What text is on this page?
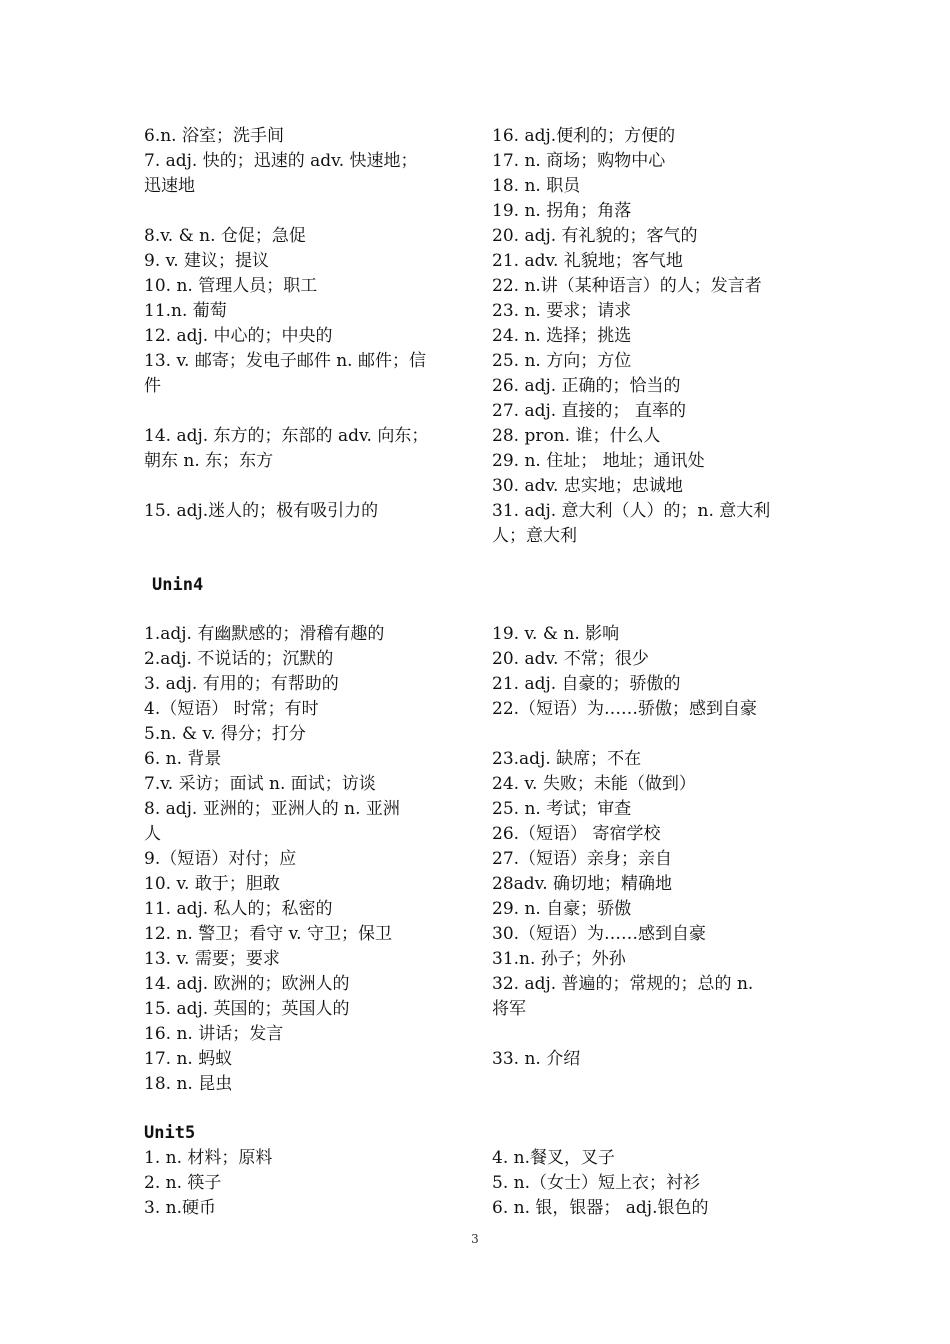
6.n. 浴室；洗手间
7. adj. 快的；迅速的 adv. 快速地；
迅速地
8.v. & n. 仓促；急促
9. v. 建议；提议
10. n. 管理人员；职工
11.n. 葡萄
12. adj. 中心的；中央的
13. v. 邮寄；发电子邮件 n. 邮件；信
件
14. adj. 东方的；东部的 adv. 向东；
朝东 n. 东；东方
15. adj.迷人的；极有吸引力的
16. adj.便利的；方便的
17. n. 商场；购物中心
18. n. 职员
19. n. 拐角；角落
20. adj. 有礼貌的；客气的
21. adv. 礼貌地；客气地
22. n.讲（某种语言）的人；发言者
23. n. 要求；请求
24. n. 选择；挑选
25. n. 方向；方位
26. adj. 正确的；恰当的
27. adj. 直接的； 直率的
28. pron. 谁；什么人
29. n. 住址； 地址；通讯处
30. adv. 忠实地；忠诚地
31. adj. 意大利（人）的；n. 意大利
人；意大利
Unin4
1.adj. 有幽默感的；滑稽有趣的
2.adj. 不说话的；沉默的
3. adj. 有用的；有帮助的
4.（短语） 时常；有时
5.n. & v. 得分；打分
6. n. 背景
7.v. 采访；面试 n. 面试；访谈
8. adj. 亚洲的；亚洲人的 n. 亚洲
人
9.（短语）对付；应
10. v. 敢于；胆敢
11. adj. 私人的；私密的
12. n. 警卫；看守 v. 守卫；保卫
13. v. 需要；要求
14. adj. 欧洲的；欧洲人的
15. adj. 英国的；英国人的
16. n. 讲话；发言
17. n. 蚂蚁
18. n. 昆虫
19. v. & n. 影响
20. adv. 不常；很少
21. adj. 自豪的；骄傲的
22.（短语）为……骄傲；感到自豪
23.adj. 缺席；不在
24. v. 失败；未能（做到）
25. n. 考试；审查
26.（短语） 寄宿学校
27.（短语）亲身；亲自
28adv. 确切地；精确地
29. n. 自豪；骄傲
30.（短语）为……感到自豪
31.n. 孙子；外孙
32. adj. 普遍的；常规的；总的 n.
将军
33. n. 介绍
Unit5
1. n. 材料；原料
2. n. 筷子
3. n.硬币
4. n.餐叉，叉子
5. n.（女士）短上衣；衬衫
6. n. 银，银器； adj.银色的
3
